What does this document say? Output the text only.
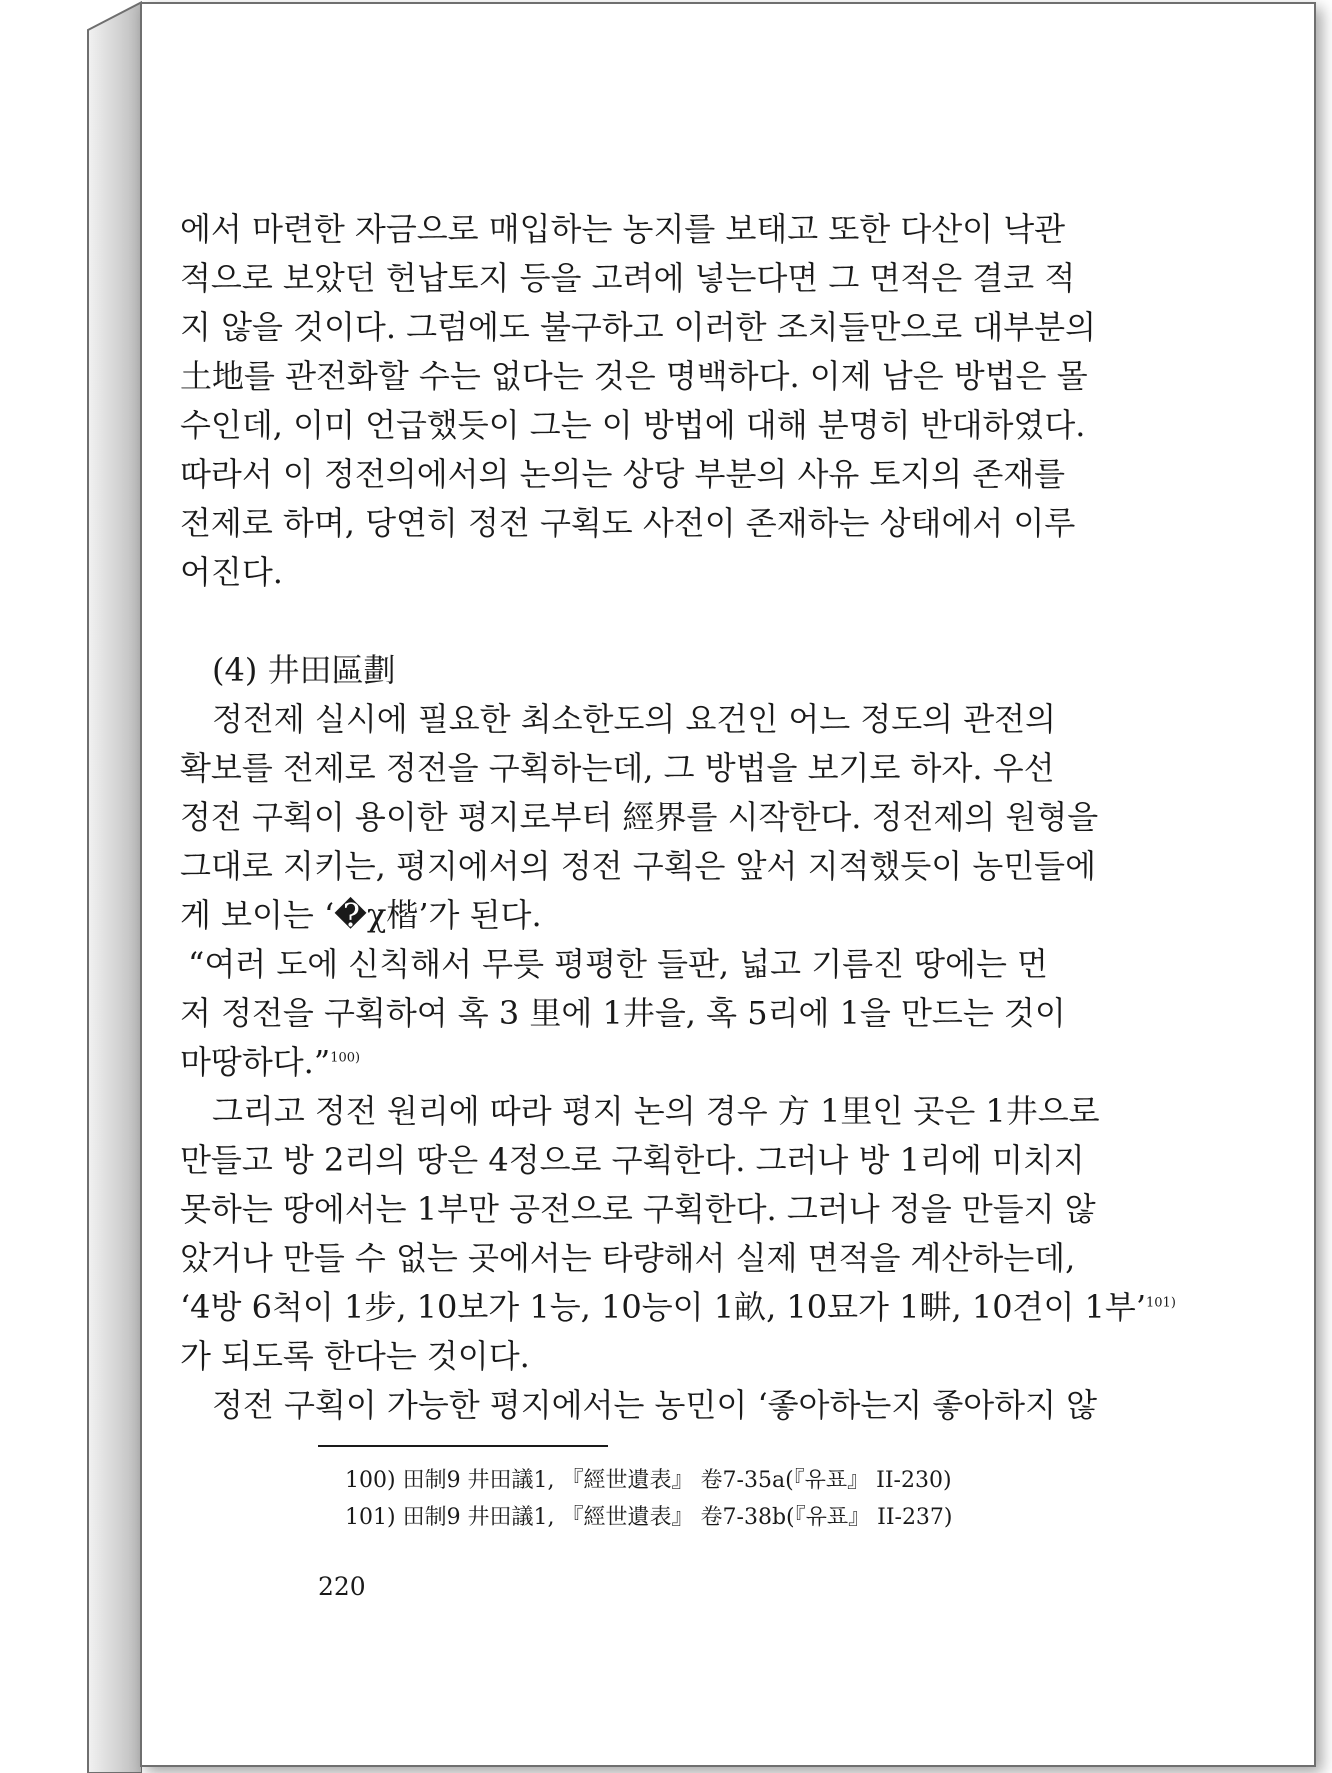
에서 마련한 자금으로 매입하는 농지를 보태고 또한 다산이 낙관
적으로 보았던 헌납토지 등을 고려에 넣는다면 그 면적은 결코 적
지 않을 것이다. 그럼에도 불구하고 이러한 조치들만으로 대부분의
土地를 관전화할 수는 없다는 것은 명백하다. 이제 남은 방법은 몰
수인데, 이미 언급했듯이 그는 이 방법에 대해 분명히 반대하였다.
따라서 이 정전의에서의 논의는 상당 부분의 사유 토지의 존재를
전제로 하며, 당연히 정전 구획도 사전이 존재하는 상태에서 이루
어진다.

(4) 井田區劃

정전제 실시에 필요한 최소한도의 요건인 어느 정도의 관전의
확보를 전제로 정전을 구획하는데, 그 방법을 보기로 하자. 우선
정전 구획이 용이한 평지로부터 經界를 시작한다. 정전제의 원형을
그대로 지키는, 평지에서의 정전 구획은 앞서 지적했듯이 농민들에
게 보이는 ‘�χ楷’가 된다.

“여러 도에 신칙해서 무릇 평평한 들판, 넓고 기름진 땅에는 먼
저 정전을 구획하여 혹 3 里에 1井을, 혹 5리에 1을 만드는 것이
마땅하다.”$^{100)}$

그리고 정전 원리에 따라 평지 논의 경우 方 1里인 곳은 1井으로
만들고 방 2리의 땅은 4정으로 구획한다. 그러나 방 1리에 미치지
못하는 땅에서는 1부만 공전으로 구획한다. 그러나 정을 만들지 않
았거나 만들 수 없는 곳에서는 타량해서 실제 면적을 계산하는데,
‘4방 6척이 1步, 10보가 1능, 10능이 1畝, 10묘가 1畊, 10견이 1부’$^{101)}$
가 되도록 한다는 것이다.

정전 구획이 가능한 평지에서는 농민이 ‘좋아하는지 좋아하지 않

100) 田制9 井田議1, 『經世遺表』 卷7-35a(『유표』 II-230)
101) 田制9 井田議1, 『經世遺表』 卷7-38b(『유표』 II-237)
220
